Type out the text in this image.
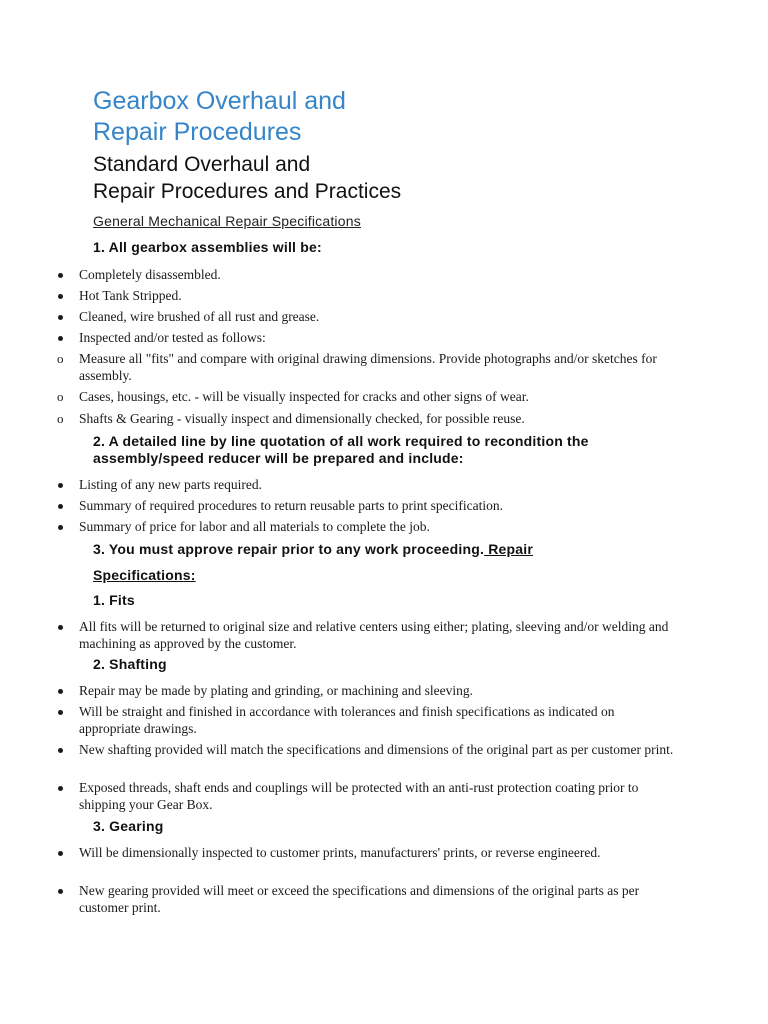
Gearbox Overhaul and
Repair Procedures
Standard Overhaul and
Repair Procedures and Practices
General Mechanical Repair Specifications
1. All gearbox assemblies will be:
Completely disassembled.
Hot Tank Stripped.
Cleaned, wire brushed of all rust and grease.
Inspected and/or tested as follows:
o Measure all "fits" and compare with original drawing dimensions. Provide photographs and/or sketches for assembly.
o Cases, housings, etc. - will be visually inspected for cracks and other signs of wear.
o Shafts & Gearing - visually inspect and dimensionally checked, for possible reuse.
2. A detailed line by line quotation of all work required to recondition the
assembly/speed reducer will be prepared and include:
Listing of any new parts required.
Summary of required procedures to return reusable parts to print specification.
Summary of price for labor and all materials to complete the job.
3. You must approve repair prior to any work proceeding. Repair
Specifications:
1. Fits
All fits will be returned to original size and relative centers using either; plating, sleeving and/or welding and machining as approved by the customer.
2. Shafting
Repair may be made by plating and grinding, or machining and sleeving.
Will be straight and finished in accordance with tolerances and finish specifications as indicated on appropriate drawings.
New shafting provided will match the specifications and dimensions of the original part as per customer print.
Exposed threads, shaft ends and couplings will be protected with an anti-rust protection coating prior to shipping your Gear Box.
3. Gearing
Will be dimensionally inspected to customer prints, manufacturers' prints, or reverse engineered.
New gearing provided will meet or exceed the specifications and dimensions of the original parts as per customer print.
